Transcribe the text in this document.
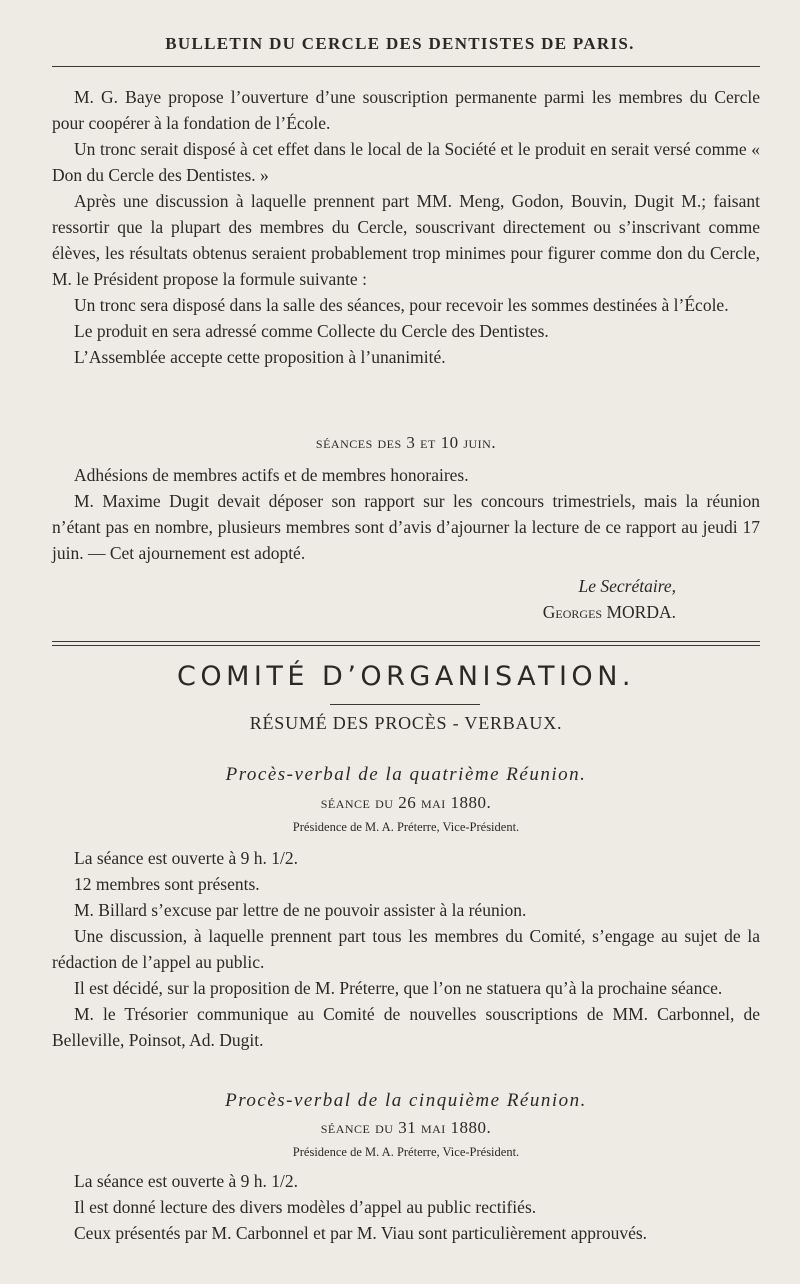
BULLETIN DU CERCLE DES DENTISTES DE PARIS.

M. G. Baye propose l’ouverture d’une souscription permanente parmi les membres du Cercle pour coopérer à la fondation de l’École.

Un tronc serait disposé à cet effet dans le local de la Société et le produit en serait versé comme « Don du Cercle des Dentistes. »

Après une discussion à laquelle prennent part MM. Meng, Godon, Bouvin, Dugit M.; faisant ressortir que la plupart des membres du Cercle, souscrivant directement ou s’inscrivant comme élèves, les résultats obtenus seraient probablement trop minimes pour figurer comme don du Cercle, M. le Président propose la formule suivante :

Un tronc sera disposé dans la salle des séances, pour recevoir les sommes destinées à l’École.

Le produit en sera adressé comme Collecte du Cercle des Dentistes.

L’Assemblée accepte cette proposition à l’unanimité.

séances des 3 et 10 juin.

Adhésions de membres actifs et de membres honoraires.

M. Maxime Dugit devait déposer son rapport sur les concours trimestriels, mais la réunion n’étant pas en nombre, plusieurs membres sont d’avis d’ajourner la lecture de ce rapport au jeudi 17 juin. — Cet ajournement est adopté.

Le Secrétaire,
Georges MORDA.
COMITÉ D’ORGANISATION.
RÉSUMÉ DES PROCÈS - VERBAUX.
Procès-verbal de la quatrième Réunion.
séance du 26 mai 1880.
Présidence de M. A. Préterre, Vice-Président.

La séance est ouverte à 9 h. 1/2.

12 membres sont présents.

M. Billard s’excuse par lettre de ne pouvoir assister à la réunion.

Une discussion, à laquelle prennent part tous les membres du Comité, s’engage au sujet de la rédaction de l’appel au public.

Il est décidé, sur la proposition de M. Préterre, que l’on ne statuera qu’à la prochaine séance.

M. le Trésorier communique au Comité de nouvelles souscriptions de MM. Carbonnel, de Belleville, Poinsot, Ad. Dugit.

Procès-verbal de la cinquième Réunion.
séance du 31 mai 1880.
Présidence de M. A. Préterre, Vice-Président.

La séance est ouverte à 9 h. 1/2.

Il est donné lecture des divers modèles d’appel au public rectifiés.

Ceux présentés par M. Carbonnel et par M. Viau sont particulièrement approuvés.
